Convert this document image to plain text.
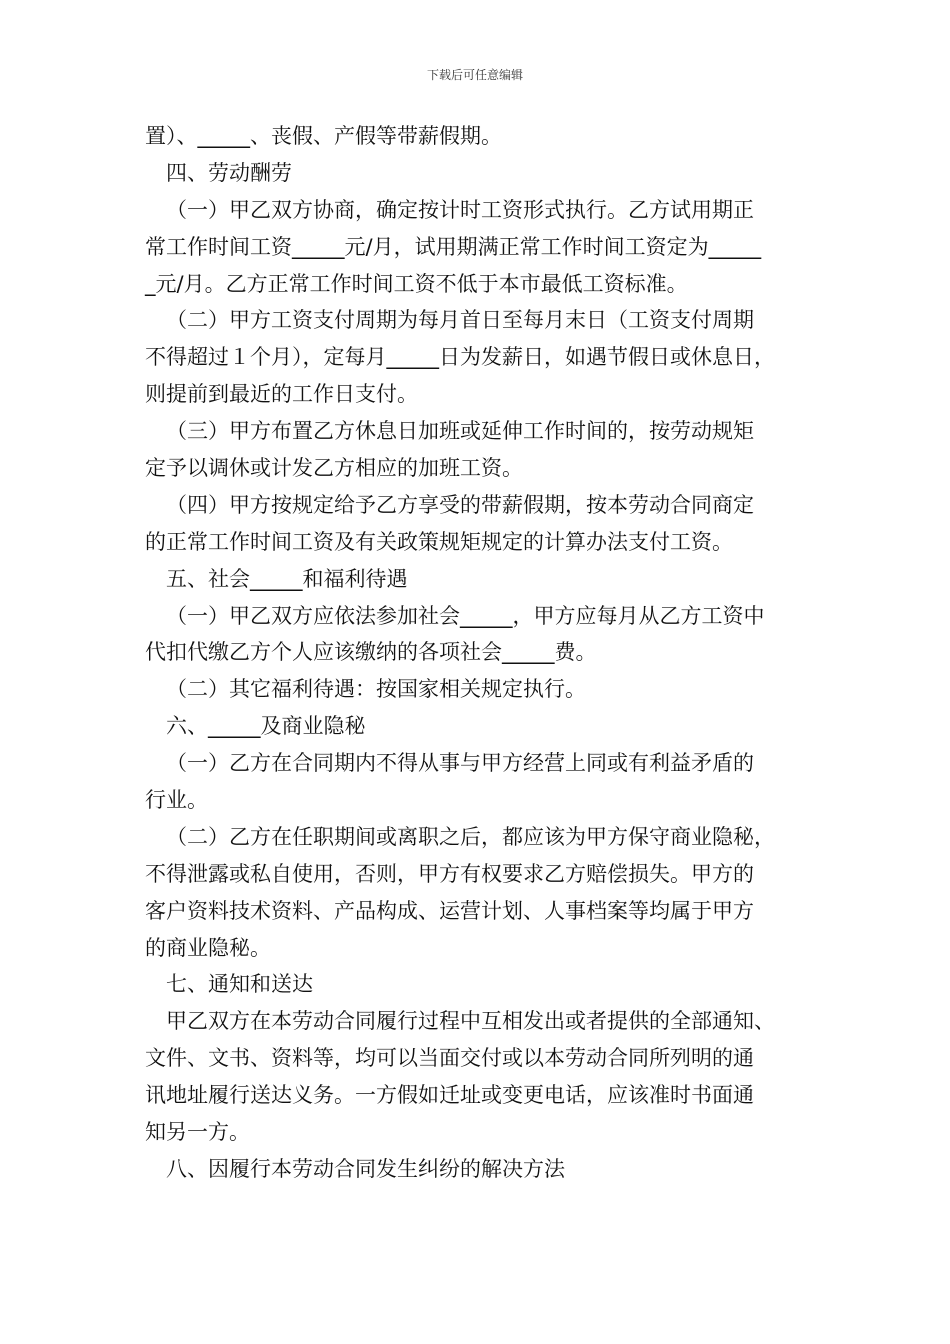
下载后可任意编辑
置）、_____、丧假、产假等带薪假期。
四、劳动酬劳
（一）甲乙双方协商，确定按计时工资形式执行。乙方试用期正
常工作时间工资_____元/月，试用期满正常工作时间工资定为_____
_元/月。乙方正常工作时间工资不低于本市最低工资标准。
（二）甲方工资支付周期为每月首日至每月末日（工资支付周期
不得超过１个月），定每月_____日为发薪日，如遇节假日或休息日，
则提前到最近的工作日支付。
（三）甲方布置乙方休息日加班或延伸工作时间的，按劳动规矩
定予以调休或计发乙方相应的加班工资。
（四）甲方按规定给予乙方享受的带薪假期，按本劳动合同商定
的正常工作时间工资及有关政策规矩规定的计算办法支付工资。
五、社会_____和福利待遇
（一）甲乙双方应依法参加社会_____，甲方应每月从乙方工资中
代扣代缴乙方个人应该缴纳的各项社会_____费。
（二）其它福利待遇：按国家相关规定执行。
六、_____及商业隐秘
（一）乙方在合同期内不得从事与甲方经营上同或有利益矛盾的
行业。
（二）乙方在任职期间或离职之后，都应该为甲方保守商业隐秘，
不得泄露或私自使用，否则，甲方有权要求乙方赔偿损失。甲方的
客户资料技术资料、产品构成、运营计划、人事档案等均属于甲方
的商业隐秘。
七、通知和送达
甲乙双方在本劳动合同履行过程中互相发出或者提供的全部通知、
文件、文书、资料等，均可以当面交付或以本劳动合同所列明的通
讯地址履行送达义务。一方假如迁址或变更电话，应该准时书面通
知另一方。
八、因履行本劳动合同发生纠纷的解决方法
